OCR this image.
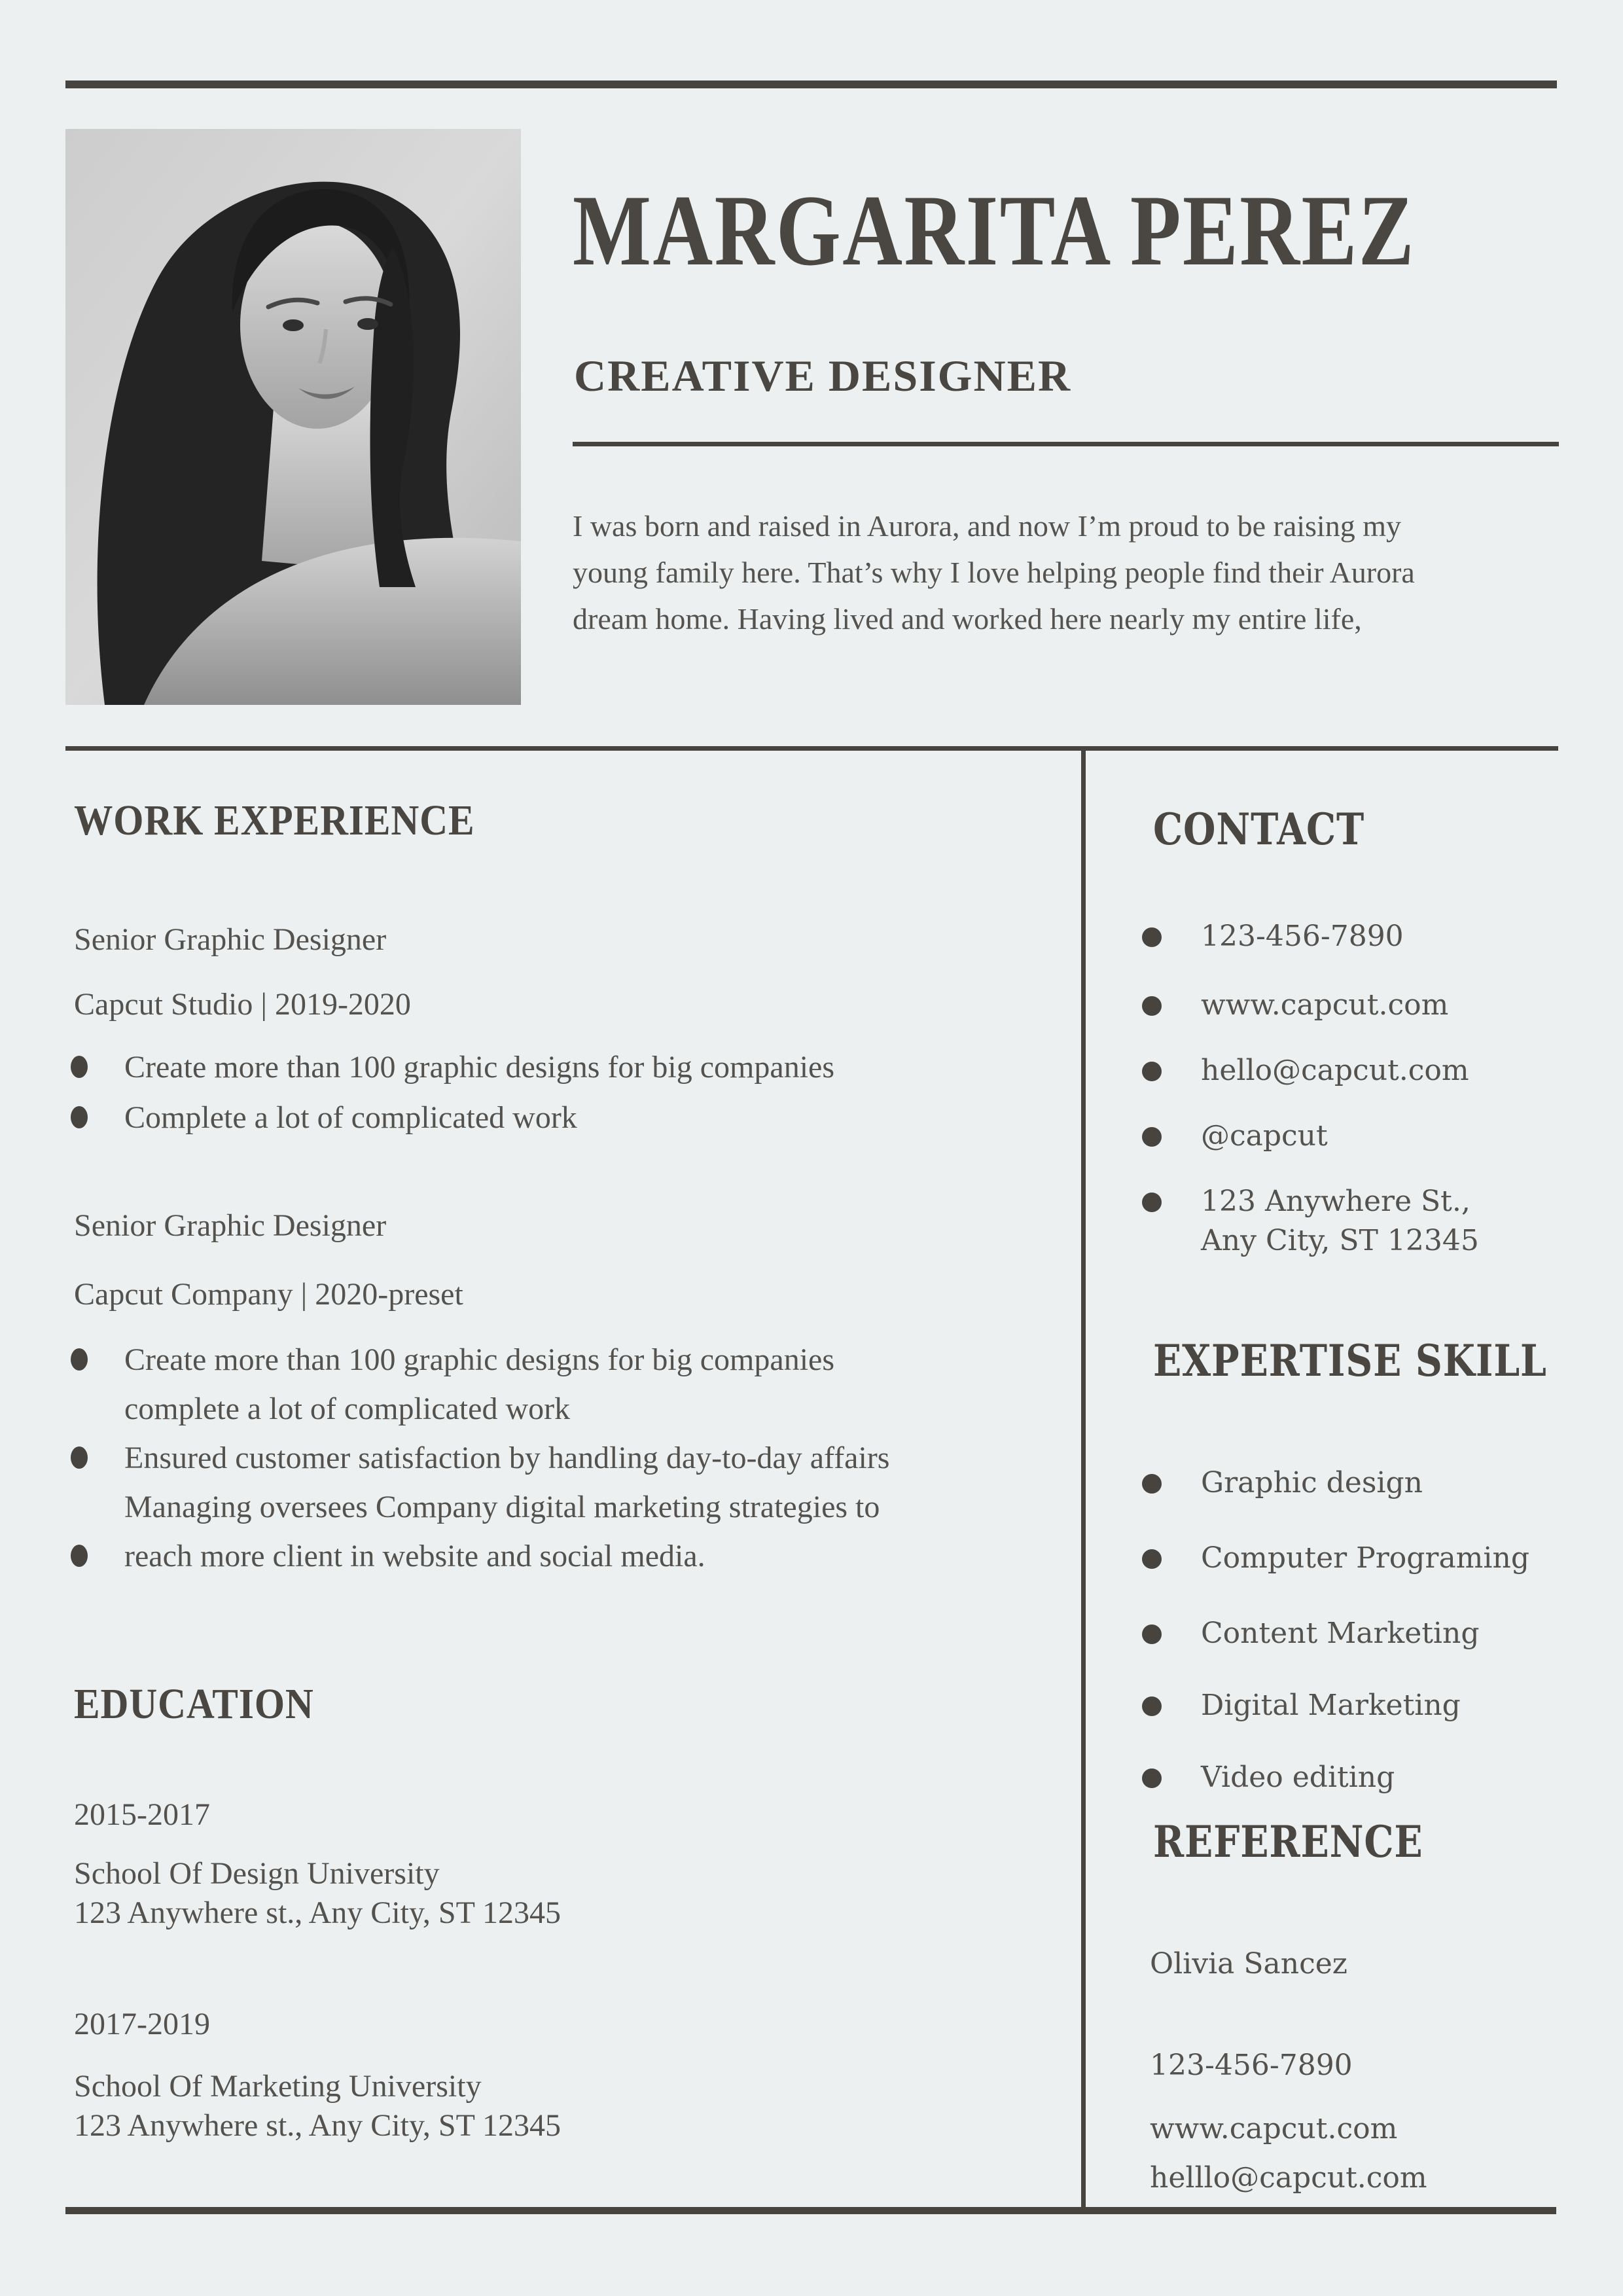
MARGARITA PEREZ
CREATIVE DESIGNER

I was born and raised in Aurora, and now I’m proud to be raising my young family here. That’s why I love helping people find their Aurora dream home. Having lived and worked here nearly my entire life,

WORK EXPERIENCE
Senior Graphic Designer
Capcut Studio | 2019-2020
Create more than 100 graphic designs for big companies
Complete a lot of complicated work
Senior Graphic Designer
Capcut Company | 2020-preset
Create more than 100 graphic designs for big companies
complete a lot of complicated work
Ensured customer satisfaction by handling day-to-day affairs
Managing oversees Company digital marketing strategies to
reach more client in website and social media.
EDUCATION
2015-2017
School Of Design University
123 Anywhere st., Any City, ST 12345
2017-2019
School Of Marketing University
123 Anywhere st., Any City, ST 12345
CONTACT
123-456-7890
www.capcut.com
hello@capcut.com
@capcut
123 Anywhere St., Any City, ST 12345
EXPERTISE SKILL
Graphic design
Computer Programing
Content Marketing
Digital Marketing
Video editing
REFERENCE
Olivia Sancez
123-456-7890
www.capcut.com
helllo@capcut.com
